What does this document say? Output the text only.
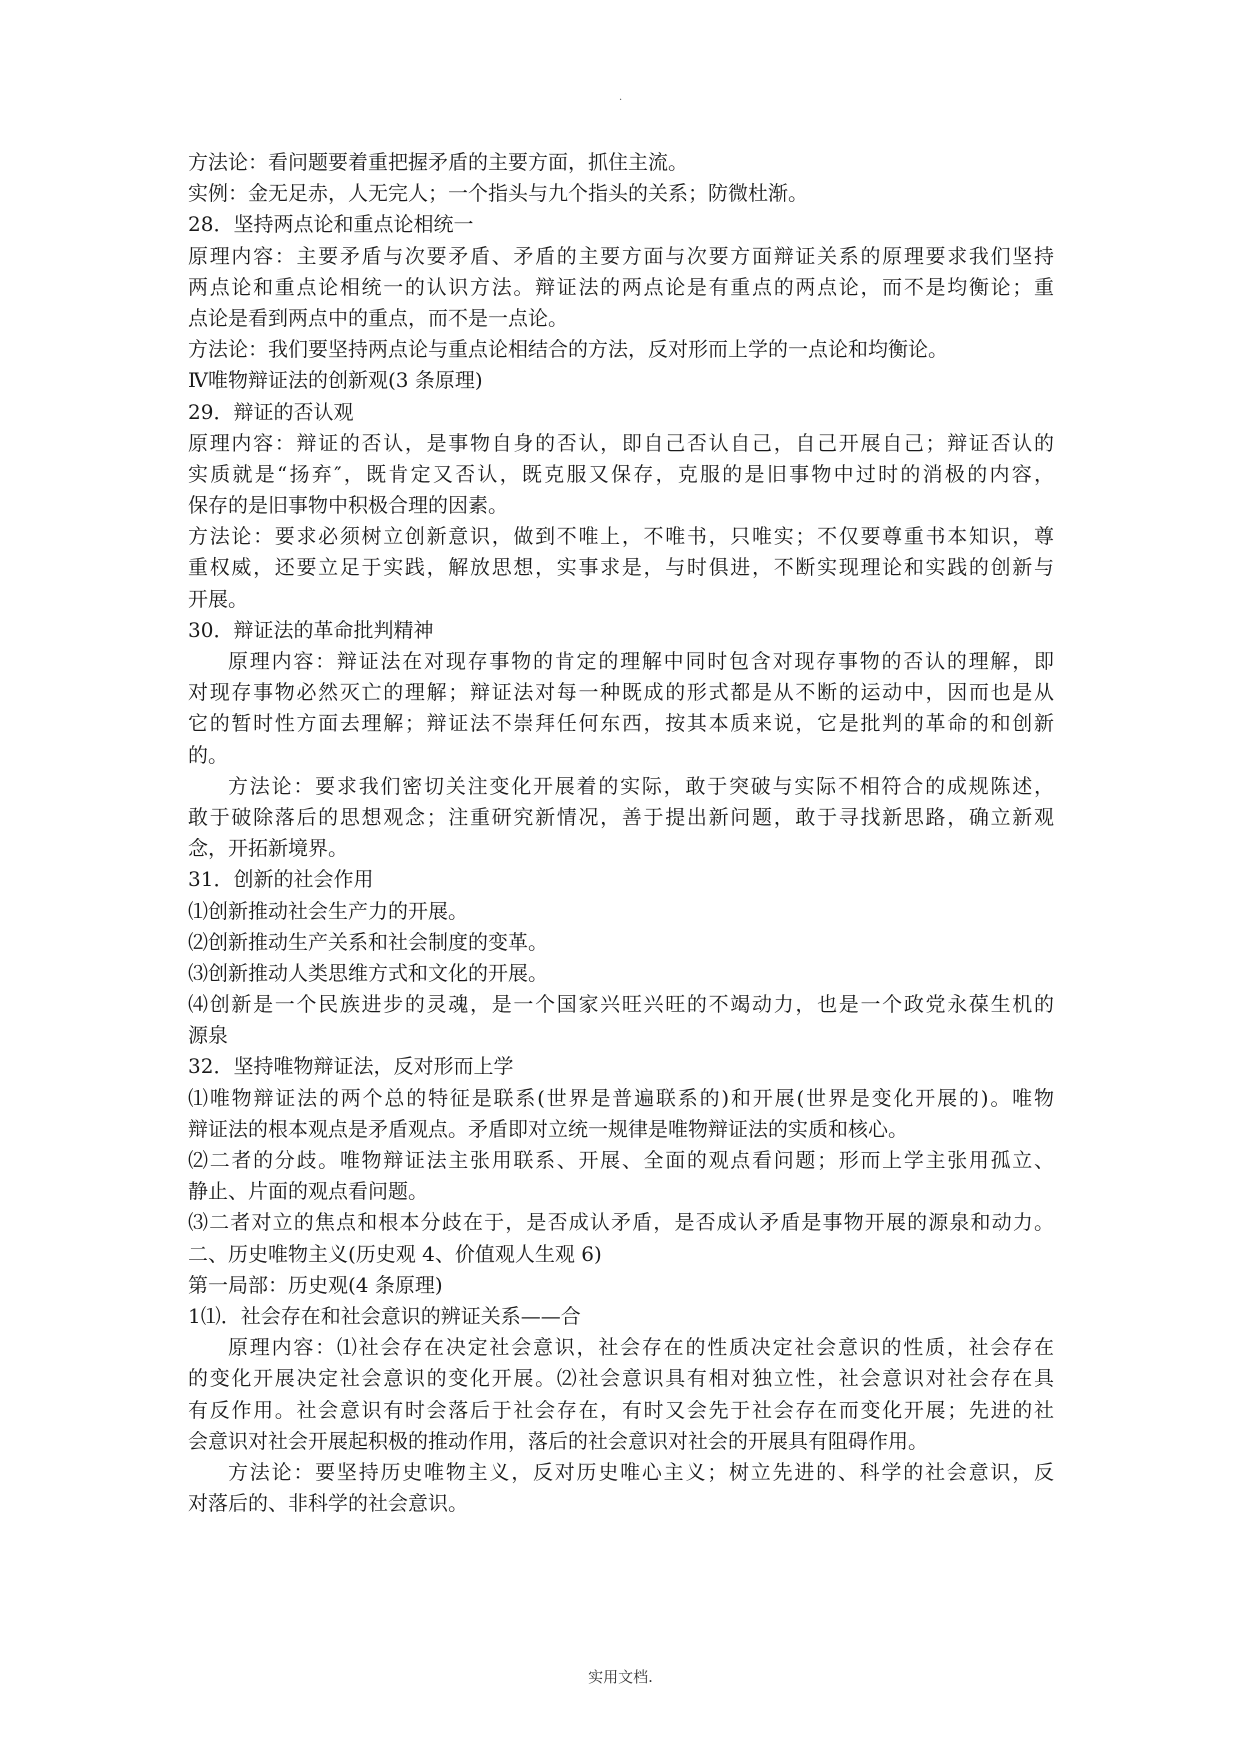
.
方法论：看问题要着重把握矛盾的主要方面，抓住主流。
实例：金无足赤，人无完人；一个指头与九个指头的关系；防微杜渐。
28．坚持两点论和重点论相统一
原理内容：主要矛盾与次要矛盾、矛盾的主要方面与次要方面辩证关系的原理要求我们坚持
两点论和重点论相统一的认识方法。辩证法的两点论是有重点的两点论，而不是均衡论；重
点论是看到两点中的重点，而不是一点论。
方法论：我们要坚持两点论与重点论相结合的方法，反对形而上学的一点论和均衡论。
Ⅳ唯物辩证法的创新观(3 条原理)
29．辩证的否认观
原理内容：辩证的否认，是事物自身的否认，即自己否认自己，自己开展自己；辩证否认的
实质就是“扬弃″，既肯定又否认，既克服又保存，克服的是旧事物中过时的消极的内容，
保存的是旧事物中积极合理的因素。
方法论：要求必须树立创新意识，做到不唯上，不唯书，只唯实；不仅要尊重书本知识，尊
重权威，还要立足于实践，解放思想，实事求是，与时俱进，不断实现理论和实践的创新与
开展。
30．辩证法的革命批判精神
原理内容：辩证法在对现存事物的肯定的理解中同时包含对现存事物的否认的理解，即
对现存事物必然灭亡的理解；辩证法对每一种既成的形式都是从不断的运动中，因而也是从
它的暂时性方面去理解；辩证法不崇拜任何东西，按其本质来说，它是批判的革命的和创新
的。
方法论：要求我们密切关注变化开展着的实际，敢于突破与实际不相符合的成规陈述，
敢于破除落后的思想观念；注重研究新情况，善于提出新问题，敢于寻找新思路，确立新观
念，开拓新境界。
31．创新的社会作用
⑴创新推动社会生产力的开展。
⑵创新推动生产关系和社会制度的变革。
⑶创新推动人类思维方式和文化的开展。
⑷创新是一个民族进步的灵魂，是一个国家兴旺兴旺的不竭动力，也是一个政党永葆生机的
源泉
32．坚持唯物辩证法，反对形而上学
⑴唯物辩证法的两个总的特征是联系(世界是普遍联系的)和开展(世界是变化开展的)。唯物
辩证法的根本观点是矛盾观点。矛盾即对立统一规律是唯物辩证法的实质和核心。
⑵二者的分歧。唯物辩证法主张用联系、开展、全面的观点看问题；形而上学主张用孤立、
静止、片面的观点看问题。
⑶二者对立的焦点和根本分歧在于，是否成认矛盾，是否成认矛盾是事物开展的源泉和动力。
二、历史唯物主义(历史观 4、价值观人生观 6)
第一局部：历史观(4 条原理)
1⑴．社会存在和社会意识的辨证关系——合
原理内容：⑴社会存在决定社会意识，社会存在的性质决定社会意识的性质，社会存在
的变化开展决定社会意识的变化开展。⑵社会意识具有相对独立性，社会意识对社会存在具
有反作用。社会意识有时会落后于社会存在，有时又会先于社会存在而变化开展；先进的社
会意识对社会开展起积极的推动作用，落后的社会意识对社会的开展具有阻碍作用。
方法论：要坚持历史唯物主义，反对历史唯心主义；树立先进的、科学的社会意识，反
对落后的、非科学的社会意识。
实用文档.
